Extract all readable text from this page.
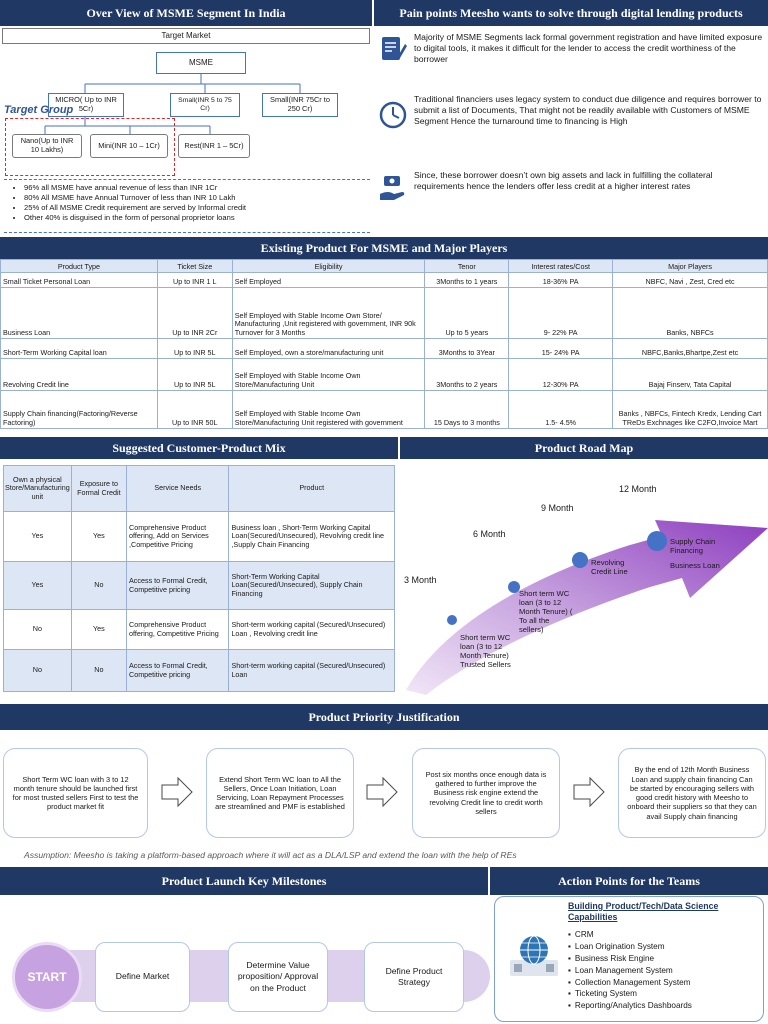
Over View of MSME Segment In India
Target Market
MSME
MICRO( Up to INR 5Cr)
Small(INR 5 to 75 Cr)
Small(INR 75Cr to 250 Cr)
Target Group
Nano(Up to INR 10 Lakhs)	Mini(INR 10 – 1Cr)	Rest(INR 1 – 5Cr)
• 96% all MSME have annual revenue of less than INR 1Cr
• 80% All MSME have Annual Turnover of less than INR 10 Lakh
• 25% of All MSME Credit requirement are served by Informal credit
• Other 40% is disguised in the form of personal proprietor loans
Pain points Meesho wants to solve through digital lending products
Majority of MSME Segments lack formal government registration and have limited exposure to digital tools, it makes it difficult for the lender to access the credit worthiness of the borrower
Traditional financiers uses legacy system to conduct due diligence and requires borrower to submit a list of Documents, That might not be readily available with Customers of MSME Segment Hence the turnaround time to financing is High
Since, these borrower doesn’t own big assets and lack in fulfilling the collateral requirements hence the lenders offer less credit at a higher interest rates
Existing Product For MSME and Major Players
Product Type	Ticket Size	Eligibility	Tenor	Interest rates/Cost	Major Players
Small Ticket Personal Loan	Up to INR 1 L	Self Employed	3Months to 1 years	18-36% PA	NBFC, Navi , Zest, Cred etc
Business Loan	Up to INR 2Cr	Self Employed with Stable Income Own Store/ Manufacturing ,Unit registered with government, INR 90k Turnover for 3 Months	Up to 5 years	9- 22% PA	Banks, NBFCs
Short-Term Working Capital loan	Up to INR 5L	Self Employed, own a store/manufacturing unit	3Months to 3Year	15- 24% PA	NBFC,Banks,Bhartpe,Zest etc
Revolving Credit line	Up to INR 5L	Self Employed with Stable Income Own Store/Manufacturing Unit	3Months to 2 years	12-30% PA	Bajaj Finserv, Tata Capital
Supply Chain financing(Factoring/Reverse Factoring)	Up to INR 50L	Self Employed with Stable Income Own Store/Manufacturing Unit registered with government	15 Days to 3 months	1.5- 4.5%	Banks , NBFCs, Fintech Kredx, Lending Cart TReDs Exchnages like C2FO,Invoice Mart
Suggested Customer-Product Mix
Own a physical Store/Manufacturing unit	Exposure to Formal Credit	Service Needs	Product
Yes	Yes	Comprehensive Product offering, Add on Services ,Competitive Pricing	Business loan , Short-Term Working Capital Loan(Secured/Unsecured), Revolving credit line ,Supply Chain Financing
Yes	No	Access to Formal Credit, Competitive pricing	Short-Term Working Capital Loan(Secured/Unsecured), Supply Chain Financing
No	Yes	Comprehensive Product offering, Competitive Pricing	Short-term working capital (Secured/Unsecured) Loan , Revolving credit line
No	No	Access to Formal Credit, Competitive pricing	Short-term working capital (Secured/Unsecured) Loan
Product Road Map
3 Month
6 Month
9 Month
12 Month
Short term WC loan (3 to 12 Month Tenure) Trusted Sellers
Short term WC loan (3 to 12 Month Tenure) ( To all the sellers)
Revolving Credit Line
Supply Chain Financing
Business Loan
Product Priority Justification
Short Term WC loan with 3 to 12 month tenure should be launched first for most trusted sellers First to test the product market fit
Extend Short Term WC loan to All the Sellers, Once Loan Initiation, Loan Servicing, Loan Repayment Processes are streamlined and PMF is established
Post six months once enough data is gathered to further improve the Business risk engine extend the revolving Credit line to credit worth sellers
By the end of 12th Month Business Loan and supply chain financing Can be started by encouraging sellers with good credit history with Meesho to onboard their suppliers so that they can avail Supply chain financing
Assumption: Meesho is taking a platform-based approach where it will act as a DLA/LSP and extend the loan with the help of REs
Product Launch Key Milestones
START	Define Market
Determine Value proposition/ Approval on the Product
Define Product Strategy
Action Points for the Teams
Building Product/Tech/Data Science Capabilities
▪ CRM
▪ Loan Origination System
▪ Business Risk Engine
▪ Loan Management System
▪ Collection Management System
▪ Ticketing System
▪ Reporting/Analytics Dashboards
